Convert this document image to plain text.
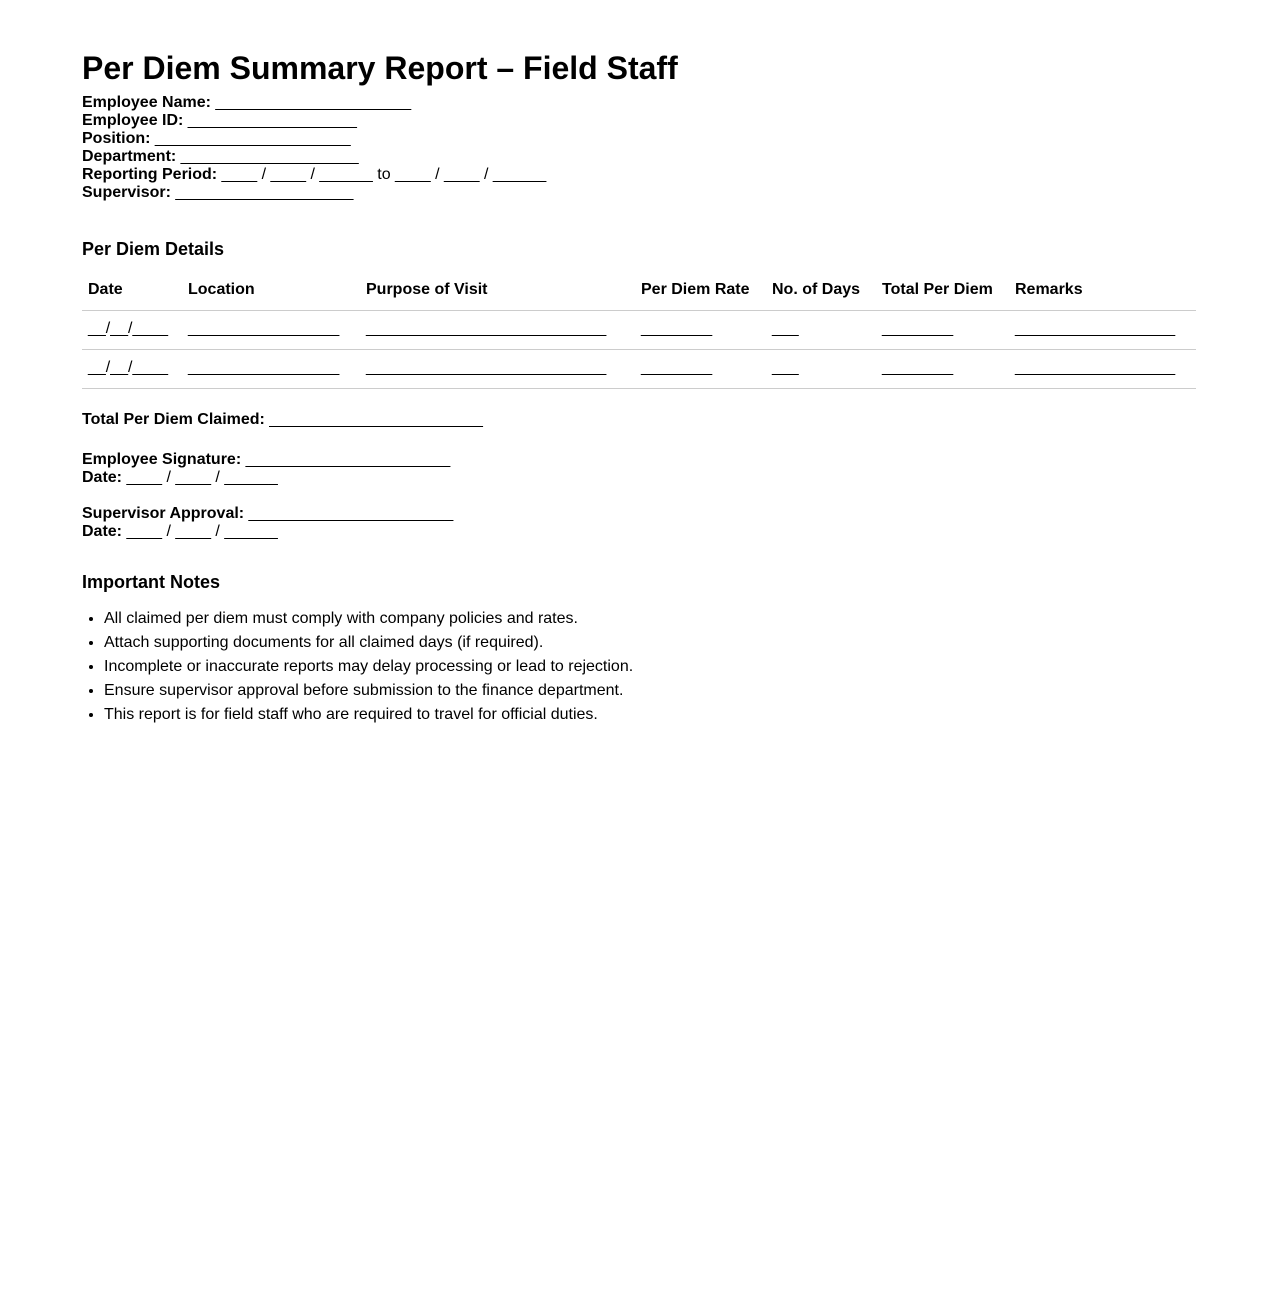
Per Diem Summary Report – Field Staff
Employee Name: ______________________
Employee ID: ___________________
Position: ______________________
Department: ____________________
Reporting Period: ____ / ____ / ______ to ____ / ____ / ______
Supervisor: ____________________
Per Diem Details
Date	Location	Purpose of Visit	Per Diem Rate	No. of Days	Total Per Diem	Remarks
__/__/____	_________________	___________________________	________	___	________	__________________
__/__/____	_________________	___________________________	________	___	________	__________________
Total Per Diem Claimed: ________________________
Employee Signature: _______________________
Date: ____ / ____ / ______
Supervisor Approval: _______________________
Date: ____ / ____ / ______
Important Notes
• All claimed per diem must comply with company policies and rates.
• Attach supporting documents for all claimed days (if required).
• Incomplete or inaccurate reports may delay processing or lead to rejection.
• Ensure supervisor approval before submission to the finance department.
• This report is for field staff who are required to travel for official duties.
